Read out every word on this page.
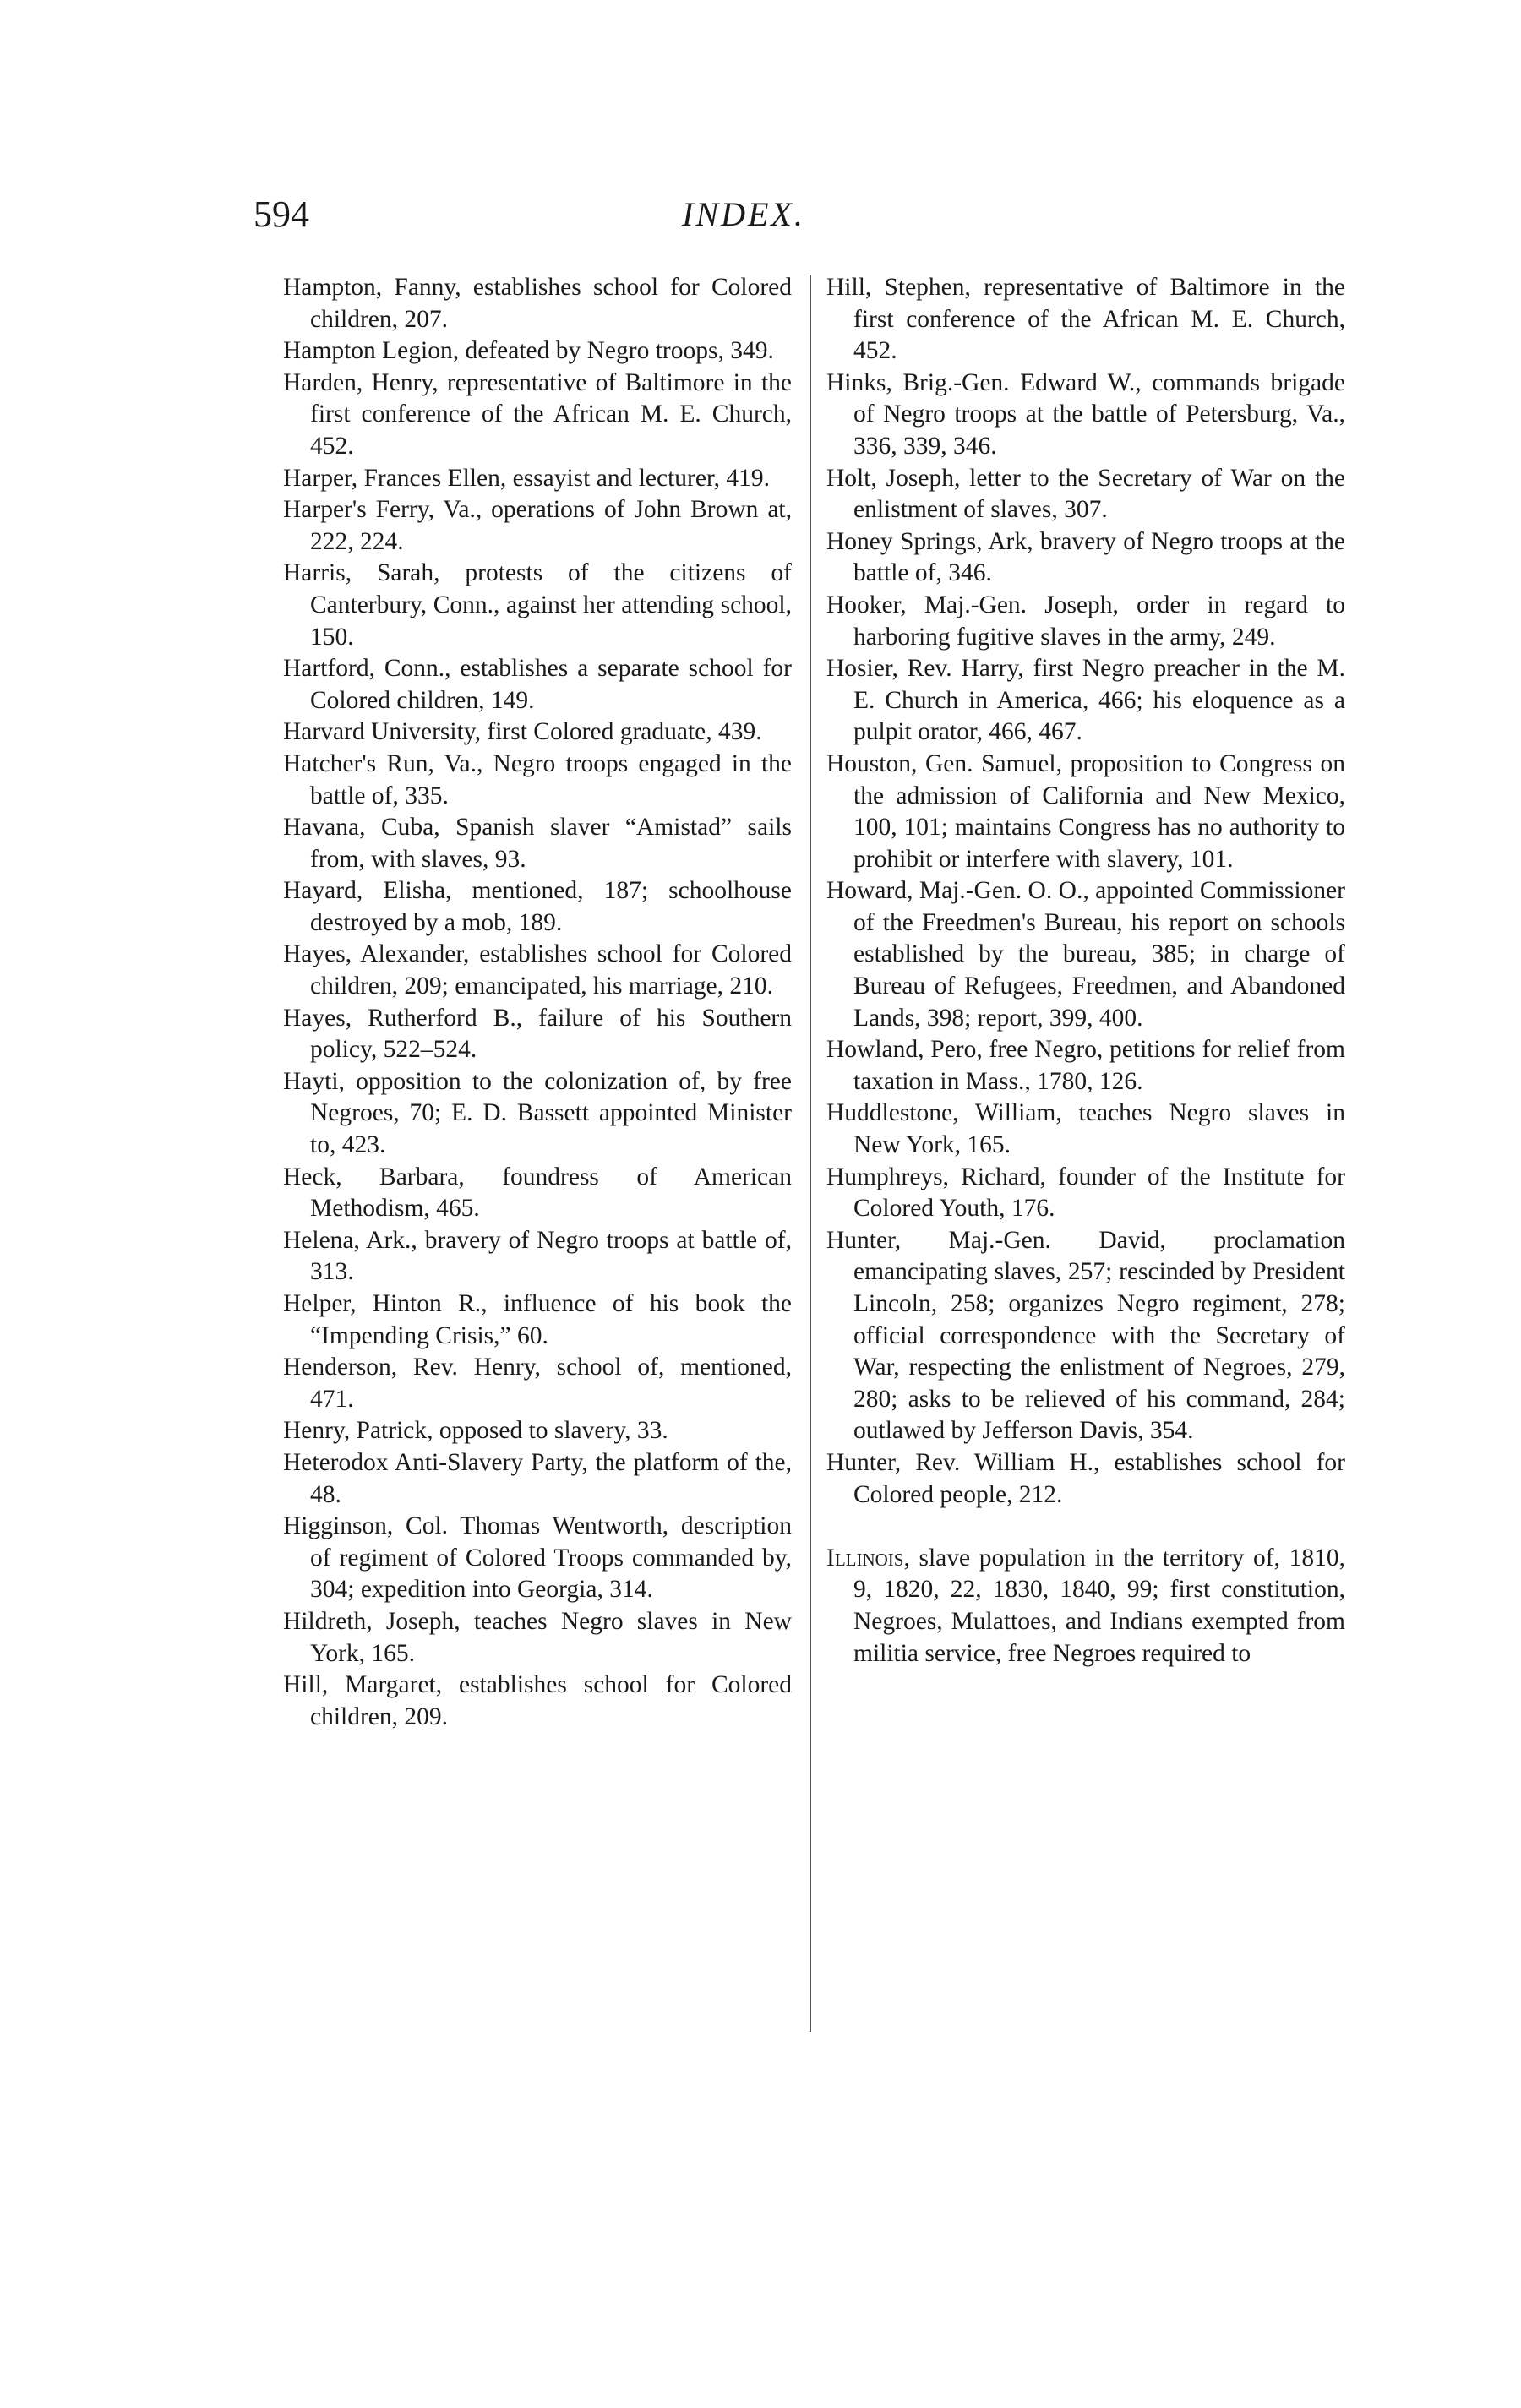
594	INDEX.

Hampton, Fanny, establishes school for Colored children, 207.

Hampton Legion, defeated by Negro troops, 349.

Harden, Henry, representative of Baltimore in the first conference of the African M. E. Church, 452.

Harper, Frances Ellen, essayist and lecturer, 419.

Harper's Ferry, Va., operations of John Brown at, 222, 224.

Harris, Sarah, protests of the citizens of Canterbury, Conn., against her attending school, 150.

Hartford, Conn., establishes a separate school for Colored children, 149.

Harvard University, first Colored graduate, 439.

Hatcher's Run, Va., Negro troops engaged in the battle of, 335.

Havana, Cuba, Spanish slaver “Amistad” sails from, with slaves, 93.

Hayard, Elisha, mentioned, 187; schoolhouse destroyed by a mob, 189.

Hayes, Alexander, establishes school for Colored children, 209; emancipated, his marriage, 210.

Hayes, Rutherford B., failure of his Southern policy, 522–524.

Hayti, opposition to the colonization of, by free Negroes, 70; E. D. Bassett appointed Minister to, 423.

Heck, Barbara, foundress of American Methodism, 465.

Helena, Ark., bravery of Negro troops at battle of, 313.

Helper, Hinton R., influence of his book the “Impending Crisis,” 60.

Henderson, Rev. Henry, school of, mentioned, 471.

Henry, Patrick, opposed to slavery, 33.

Heterodox Anti-Slavery Party, the platform of the, 48.

Higginson, Col. Thomas Wentworth, description of regiment of Colored Troops commanded by, 304; expedition into Georgia, 314.

Hildreth, Joseph, teaches Negro slaves in New York, 165.

Hill, Margaret, establishes school for Colored children, 209.

Hill, Stephen, representative of Baltimore in the first conference of the African M. E. Church, 452.

Hinks, Brig.-Gen. Edward W., commands brigade of Negro troops at the battle of Petersburg, Va., 336, 339, 346.

Holt, Joseph, letter to the Secretary of War on the enlistment of slaves, 307.

Honey Springs, Ark, bravery of Negro troops at the battle of, 346.

Hooker, Maj.-Gen. Joseph, order in regard to harboring fugitive slaves in the army, 249.

Hosier, Rev. Harry, first Negro preacher in the M. E. Church in America, 466; his eloquence as a pulpit orator, 466, 467.

Houston, Gen. Samuel, proposition to Congress on the admission of California and New Mexico, 100, 101; maintains Congress has no authority to prohibit or interfere with slavery, 101.

Howard, Maj.-Gen. O. O., appointed Commissioner of the Freedmen's Bureau, his report on schools established by the bureau, 385; in charge of Bureau of Refugees, Freedmen, and Abandoned Lands, 398; report, 399, 400.

Howland, Pero, free Negro, petitions for relief from taxation in Mass., 1780, 126.

Huddlestone, William, teaches Negro slaves in New York, 165.

Humphreys, Richard, founder of the Institute for Colored Youth, 176.

Hunter, Maj.-Gen. David, proclamation emancipating slaves, 257; rescinded by President Lincoln, 258; organizes Negro regiment, 278; official correspondence with the Secretary of War, respecting the enlistment of Negroes, 279, 280; asks to be relieved of his command, 284; outlawed by Jefferson Davis, 354.

Hunter, Rev. William H., establishes school for Colored people, 212.

Illinois, slave population in the territory of, 1810, 9, 1820, 22, 1830, 1840, 99; first constitution, Negroes, Mulattoes, and Indians exempted from militia service, free Negroes required to
